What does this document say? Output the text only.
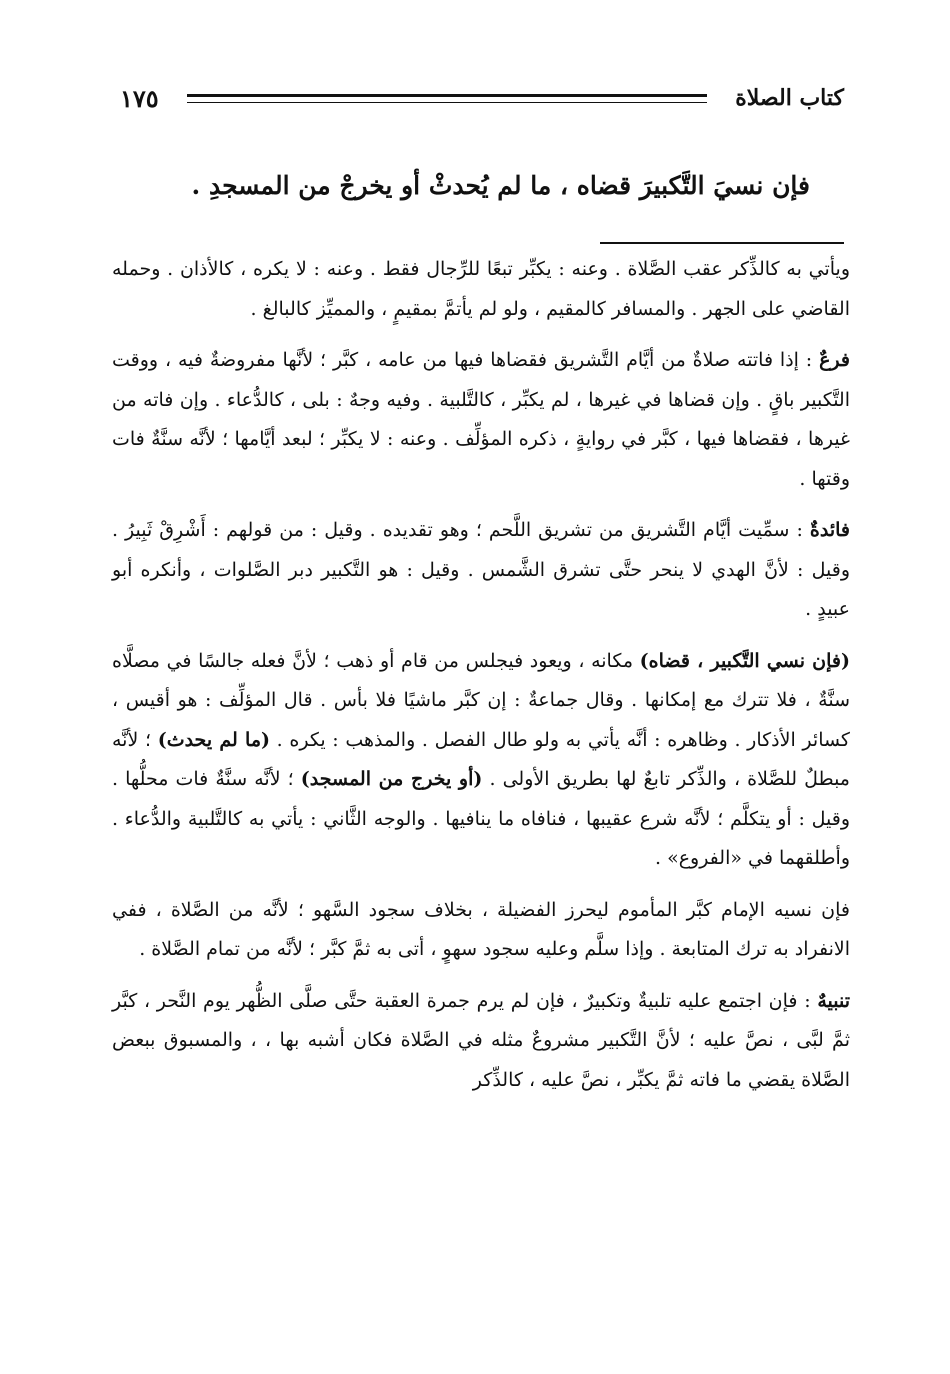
كتاب الصلاة
١٧٥
فإن نسيَ التَّكبيرَ قضاه ، ما لم يُحدثْ أو يخرجْ من المسجدِ .

ويأتي به كالذِّكر عقب الصَّلاة . وعنه : يكبِّر تبعًا للرِّجال فقط . وعنه : لا يكره ، كالأذان . وحمله القاضي على الجهر . والمسافر كالمقيم ، ولو لم يأتمَّ بمقيمٍ ، والمميِّز كالبالغ .

فرعٌ : إذا فاتته صلاةٌ من أيَّام التَّشريق فقضاها فيها من عامه ، كبَّر ؛ لأنَّها مفروضةٌ فيه ، ووقت التَّكبير باقٍ . وإن قضاها في غيرها ، لم يكبِّر ، كالتَّلبية . وفيه وجهٌ : بلى ، كالدُّعاء . وإن فاته من غيرها ، فقضاها فيها ، كبَّر في روايةٍ ، ذكره المؤلِّف . وعنه : لا يكبِّر ؛ لبعد أيَّامها ؛ لأنَّه سنَّةٌ فات وقتها .

فائدةٌ : سمِّيت أيَّام التَّشريق من تشريق اللَّحم ؛ وهو تقديده . وقيل : من قولهم : أَشْرِقْ ثَبِيرُ . وقيل : لأنَّ الهدي لا ينحر حتَّى تشرق الشَّمس . وقيل : هو التَّكبير دبر الصَّلوات ، وأنكره أبو عبيدٍ .

(فإن نسي التَّكبير ، قضاه) مكانه ، ويعود فيجلس من قام أو ذهب ؛ لأنَّ فعله جالسًا في مصلَّاه سنَّةٌ ، فلا تترك مع إمكانها . وقال جماعةٌ : إن كبَّر ماشيًا فلا بأس . قال المؤلِّف : هو أقيس ، كسائر الأذكار . وظاهره : أنَّه يأتي به ولو طال الفصل . والمذهب : يكره . (ما لم يحدث) ؛ لأنَّه مبطلٌ للصَّلاة ، والذِّكر تابعٌ لها بطريق الأولى . (أو يخرج من المسجد) ؛ لأنَّه سنَّةٌ فات محلُّها . وقيل : أو يتكلَّم ؛ لأنَّه شرع عقيبها ، فنافاه ما ينافيها . والوجه الثَّاني : يأتي به كالتَّلبية والدُّعاء . وأطلقهما في «الفروع» .

فإن نسيه الإمام كبَّر المأموم ليحرز الفضيلة ، بخلاف سجود السَّهو ؛ لأنَّه من الصَّلاة ، ففي الانفراد به ترك المتابعة . وإذا سلَّم وعليه سجود سهوٍ ، أتى به ثمَّ كبَّر ؛ لأنَّه من تمام الصَّلاة .

تنبيهٌ : فإن اجتمع عليه تلبيةٌ وتكبيرٌ ، فإن لم يرم جمرة العقبة حتَّى صلَّى الظُّهر يوم النَّحر ، كبَّر ثمَّ لبَّى ، نصَّ عليه ؛ لأنَّ التَّكبير مشروعٌ مثله في الصَّلاة فكان أشبه بها ، ، والمسبوق ببعض الصَّلاة يقضي ما فاته ثمَّ يكبِّر ، نصَّ عليه ، كالذِّكر
